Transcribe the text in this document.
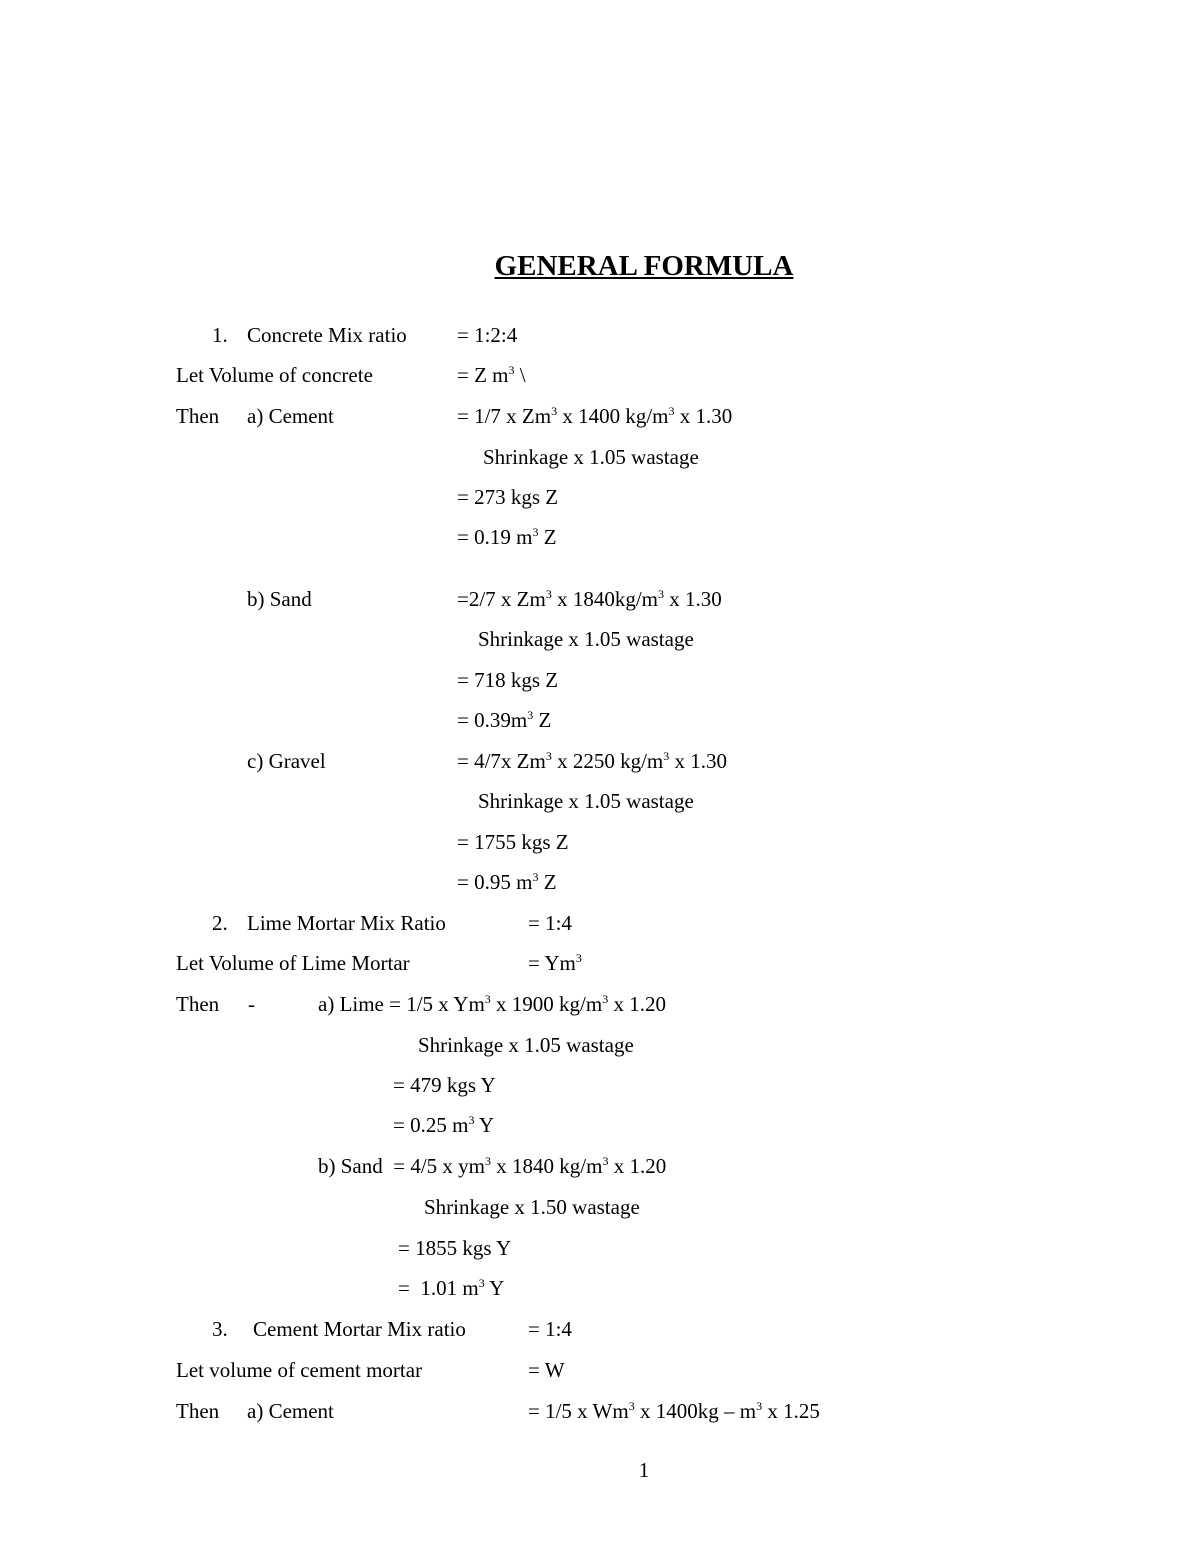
GENERAL FORMULA
1. Concrete Mix ratio = 1:2:4
Let Volume of concrete	= Z $m^3$ \
Then a) Cement	= 1/7 x Zm$^3$ x 1400 $kg/m^3$ x 1.30
Shrinkage x 1.05 wastage
= 273 kgs Z
= 0.19 $m^3$ Z
b) Sand	=2/7 x Zm$^3$ x $1840kg/m^3$ x 1.30
Shrinkage x 1.05 wastage
= 718 kgs Z
= $0.39m^3$ Z
c) Gravel	= 4/7x Zm$^3$ x 2250 $kg/m^3$ x 1.30
Shrinkage x 1.05 wastage
= 1755 kgs Z
= 0.95 $m^3$ Z
2. Lime Mortar Mix Ratio	= 1:4
Let Volume of Lime Mortar	= $Ym^3$
Then -	a) Lime = 1/5 x Ym$^3$ x 1900 $kg/m^3$ x 1.20
Shrinkage x 1.05 wastage
= 479 kgs Y
= 0.25 $m^3$ Y
b) Sand  = 4/5 x $ym^3$ x 1840 $kg/m^3$ x 1.20
Shrinkage x 1.50 wastage
= 1855 kgs Y
=  1.01 $m^3$ Y
3. Cement Mortar Mix ratio	= 1:4
Let volume of cement mortar	= W
Then a) Cement	= 1/5 x Wm$^3$ x $1400kg - m^3$ x 1.25
1
